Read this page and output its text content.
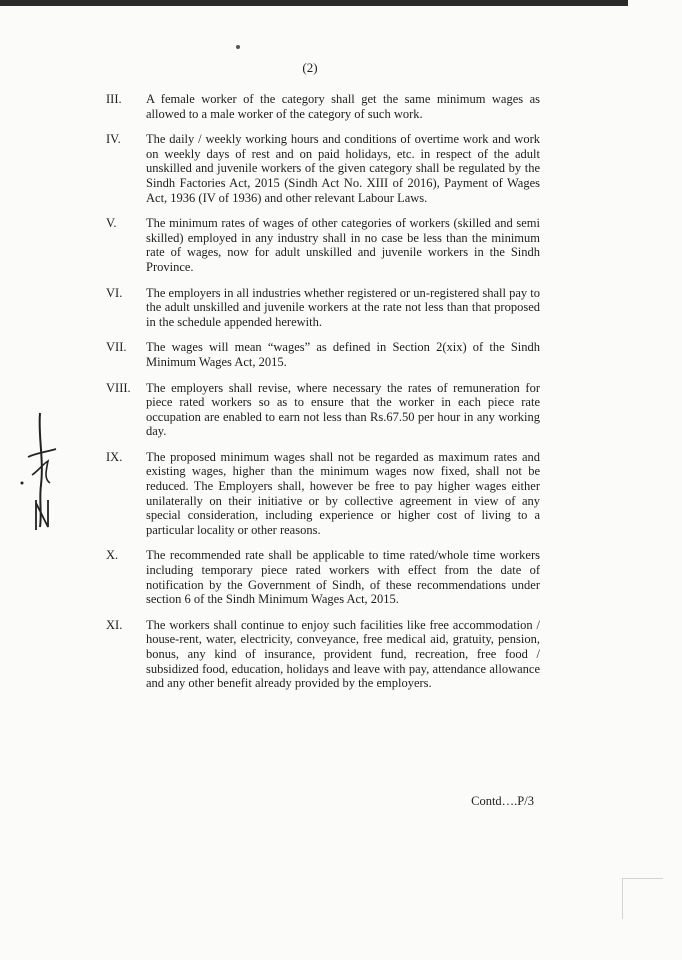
(2)
III.	A female worker of the category shall get the same minimum wages as allowed to a male worker of the category of such work.
IV.	The daily / weekly working hours and conditions of overtime work and work on weekly days of rest and on paid holidays, etc. in respect of the adult unskilled and juvenile workers of the given category shall be regulated by the Sindh Factories Act, 2015 (Sindh Act No. XIII of 2016), Payment of Wages Act, 1936 (IV of 1936) and other relevant Labour Laws.
V.	The minimum rates of wages of other categories of workers (skilled and semi skilled) employed in any industry shall in no case be less than the minimum rate of wages, now for adult unskilled and juvenile workers in the Sindh Province.
VI.	The employers in all industries whether registered or un-registered shall pay to the adult unskilled and juvenile workers at the rate not less than that proposed in the schedule appended herewith.
VII.	The wages will mean “wages” as defined in Section 2(xix) of the Sindh Minimum Wages Act, 2015.
VIII.	The employers shall revise, where necessary the rates of remuneration for piece rated workers so as to ensure that the worker in each piece rate occupation are enabled to earn not less than Rs.67.50 per hour in any working day.
IX.	The proposed minimum wages shall not be regarded as maximum rates and existing wages, higher than the minimum wages now fixed, shall not be reduced. The Employers shall, however be free to pay higher wages either unilaterally on their initiative or by collective agreement in view of any special consideration, including experience or higher cost of living to a particular locality or other reasons.
X.	The recommended rate shall be applicable to time rated/whole time workers including temporary piece rated workers with effect from the date of notification by the Government of Sindh, of these recommendations under section 6 of the Sindh Minimum Wages Act, 2015.
XI.	The workers shall continue to enjoy such facilities like free accommodation / house-rent, water, electricity, conveyance, free medical aid, gratuity, pension, bonus, any kind of insurance, provident fund, recreation, free food / subsidized food, education, holidays and leave with pay, attendance allowance and any other benefit already provided by the employers.
Contd….P/3
